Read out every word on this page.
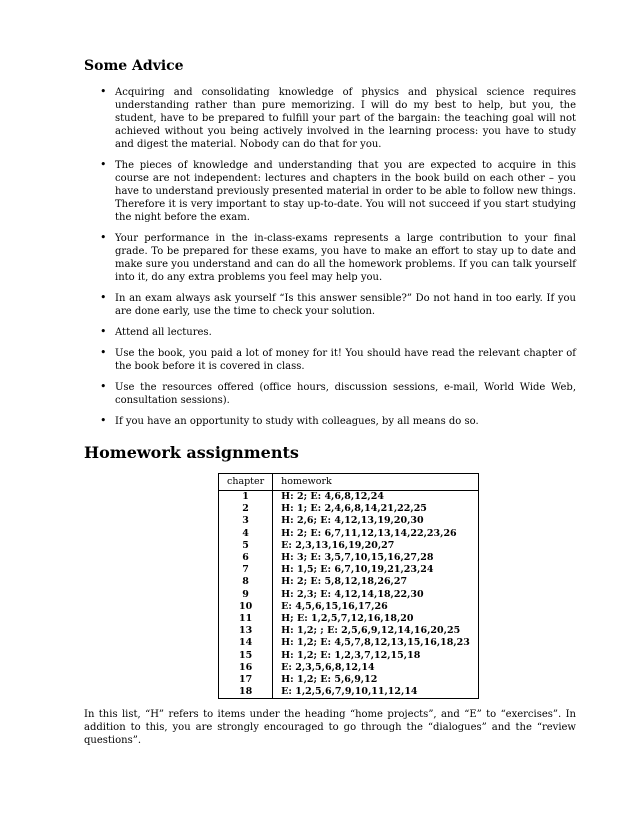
Some Advice
• Acquiring and consolidating knowledge of physics and physical science requires understanding rather than pure memorizing. I will do my best to help, but you, the student, have to be prepared to fulfill your part of the bargain: the teaching goal will not achieved without you being actively involved in the learning process: you have to study and digest the material. Nobody can do that for you.
• The pieces of knowledge and understanding that you are expected to acquire in this course are not independent: lectures and chapters in the book build on each other – you have to understand previously presented material in order to be able to follow new things. Therefore it is very important to stay up-to-date. You will not succeed if you start studying the night before the exam.
• Your performance in the in-class-exams represents a large contribution to your final grade. To be prepared for these exams, you have to make an effort to stay up to date and make sure you understand and can do all the homework problems. If you can talk yourself into it, do any extra problems you feel may help you.
• In an exam always ask yourself “Is this answer sensible?” Do not hand in too early. If you are done early, use the time to check your solution.
• Attend all lectures.
• Use the book, you paid a lot of money for it! You should have read the relevant chapter of the book before it is covered in class.
• Use the resources offered (office hours, discussion sessions, e-mail, World Wide Web, consultation sessions).
• If you have an opportunity to study with colleagues, by all means do so.
Homework assignments
chapter	homework
1	H: 2; E: 4,6,8,12,24
2	H: 1; E: 2,4,6,8,14,21,22,25
3	H: 2,6; E: 4,12,13,19,20,30
4	H: 2; E: 6,7,11,12,13,14,22,23,26
5	E: 2,3,13,16,19,20,27
6	H: 3; E: 3,5,7,10,15,16,27,28
7	H: 1,5; E: 6,7,10,19,21,23,24
8	H: 2; E: 5,8,12,18,26,27
9	H: 2,3; E: 4,12,14,18,22,30
10	E: 4,5,6,15,16,17,26
11	H; E: 1,2,5,7,12,16,18,20
13	H: 1,2; ; E: 2,5,6,9,12,14,16,20,25
14	H: 1,2; E: 4,5,7,8,12,13,15,16,18,23
15	H: 1,2; E: 1,2,3,7,12,15,18
16	E: 2,3,5,6,8,12,14
17	H: 1,2; E: 5,6,9,12
18	E: 1,2,5,6,7,9,10,11,12,14

In this list, “H” refers to items under the heading “home projects”, and “E” to “exercises”. In addition to this, you are strongly encouraged to go through the “dialogues” and the “review questions”.
